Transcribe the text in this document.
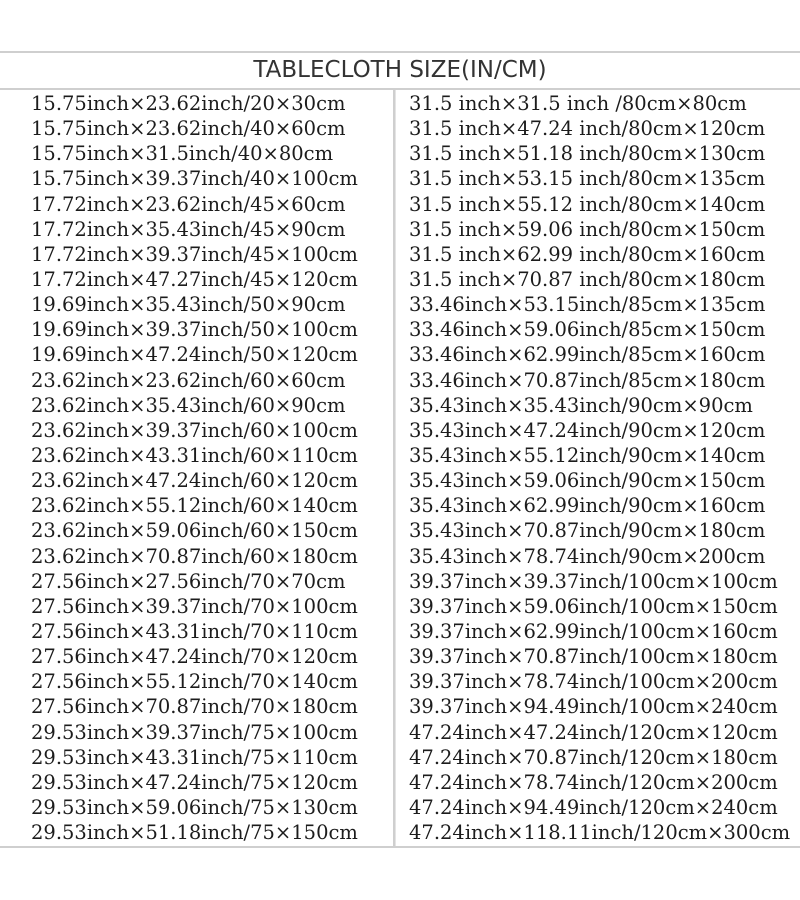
TABLECLOTH SIZE(IN/CM)
15.75inch×23.62inch/20×30cm
15.75inch×23.62inch/40×60cm
15.75inch×31.5inch/40×80cm
15.75inch×39.37inch/40×100cm
17.72inch×23.62inch/45×60cm
17.72inch×35.43inch/45×90cm
17.72inch×39.37inch/45×100cm
17.72inch×47.27inch/45×120cm
19.69inch×35.43inch/50×90cm
19.69inch×39.37inch/50×100cm
19.69inch×47.24inch/50×120cm
23.62inch×23.62inch/60×60cm
23.62inch×35.43inch/60×90cm
23.62inch×39.37inch/60×100cm
23.62inch×43.31inch/60×110cm
23.62inch×47.24inch/60×120cm
23.62inch×55.12inch/60×140cm
23.62inch×59.06inch/60×150cm
23.62inch×70.87inch/60×180cm
27.56inch×27.56inch/70×70cm
27.56inch×39.37inch/70×100cm
27.56inch×43.31inch/70×110cm
27.56inch×47.24inch/70×120cm
27.56inch×55.12inch/70×140cm
27.56inch×70.87inch/70×180cm
29.53inch×39.37inch/75×100cm
29.53inch×43.31inch/75×110cm
29.53inch×47.24inch/75×120cm
29.53inch×59.06inch/75×130cm
29.53inch×51.18inch/75×150cm
31.5 inch×31.5 inch /80cm×80cm
31.5 inch×47.24 inch/80cm×120cm
31.5 inch×51.18 inch/80cm×130cm
31.5 inch×53.15 inch/80cm×135cm
31.5 inch×55.12 inch/80cm×140cm
31.5 inch×59.06 inch/80cm×150cm
31.5 inch×62.99 inch/80cm×160cm
31.5 inch×70.87 inch/80cm×180cm
33.46inch×53.15inch/85cm×135cm
33.46inch×59.06inch/85cm×150cm
33.46inch×62.99inch/85cm×160cm
33.46inch×70.87inch/85cm×180cm
35.43inch×35.43inch/90cm×90cm
35.43inch×47.24inch/90cm×120cm
35.43inch×55.12inch/90cm×140cm
35.43inch×59.06inch/90cm×150cm
35.43inch×62.99inch/90cm×160cm
35.43inch×70.87inch/90cm×180cm
35.43inch×78.74inch/90cm×200cm
39.37inch×39.37inch/100cm×100cm
39.37inch×59.06inch/100cm×150cm
39.37inch×62.99inch/100cm×160cm
39.37inch×70.87inch/100cm×180cm
39.37inch×78.74inch/100cm×200cm
39.37inch×94.49inch/100cm×240cm
47.24inch×47.24inch/120cm×120cm
47.24inch×70.87inch/120cm×180cm
47.24inch×78.74inch/120cm×200cm
47.24inch×94.49inch/120cm×240cm
47.24inch×118.11inch/120cm×300cm
